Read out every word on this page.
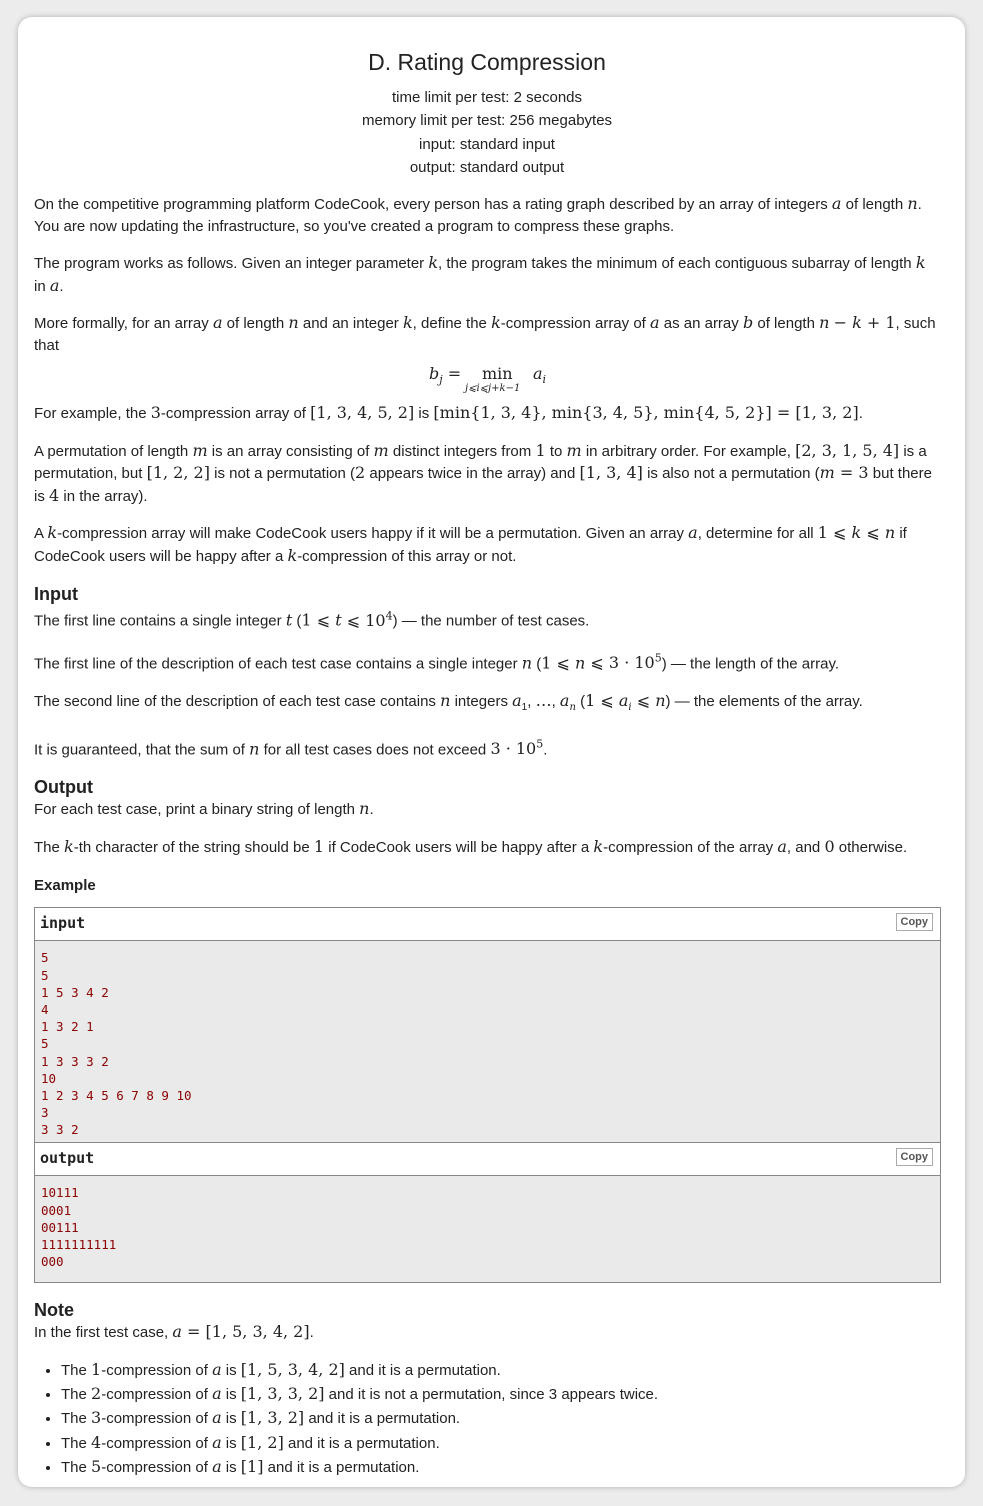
D. Rating Compression
time limit per test: 2 seconds
memory limit per test: 256 megabytes
input: standard input
output: standard output

On the competitive programming platform CodeCook, every person has a rating graph described by an array of integers a of length n. You are now updating the infrastructure, so you've created a program to compress these graphs.

The program works as follows. Given an integer parameter k, the program takes the minimum of each contiguous subarray of length k in a.

More formally, for an array a of length n and an integer k, define the k-compression array of a as an array b of length n − k + 1, such that

$b_j = \min$
j⩽i⩽j+k−1
$a_i$

For example, the 3-compression array of [1, 3, 4, 5, 2] is [min{1, 3, 4}, min{3, 4, 5}, min{4, 5, 2}] = [1, 3, 2].

A permutation of length m is an array consisting of m distinct integers from 1 to m in arbitrary order. For example, [2, 3, 1, 5, 4] is a permutation, but [1, 2, 2] is not a permutation (2 appears twice in the array) and [1, 3, 4] is also not a permutation (m = 3 but there is 4 in the array).

A k-compression array will make CodeCook users happy if it will be a permutation. Given an array a, determine for all 1 ⩽ k ⩽ n if CodeCook users will be happy after a k-compression of this array or not.

Input

The first line contains a single integer t (1 ⩽ t ⩽ $10^4$) — the number of test cases.

The first line of the description of each test case contains a single integer n (1 ⩽ n ⩽ $3 \cdot 10^5$) — the length of the array.

The second line of the description of each test case contains n integers $a_1$, …, $a_n$ (1 ⩽ $a_i$ ⩽ n) — the elements of the array.

It is guaranteed, that the sum of n for all test cases does not exceed $3 \cdot 10^5$.

Output

For each test case, print a binary string of length n.

The k-th character of the string should be 1 if CodeCook users will be happy after a k-compression of the array a, and 0 otherwise.

Example
input	Copy
5
5
1 5 3 4 2
4
1 3 2 1
5
1 3 3 3 2
10
1 2 3 4 5 6 7 8 9 10
3
3 3 2
output	Copy
10111
0001
00111
1111111111
000
Note

In the first test case, a = [1, 5, 3, 4, 2].

• The 1-compression of a is [1, 5, 3, 4, 2] and it is a permutation.
• The 2-compression of a is [1, 3, 3, 2] and it is not a permutation, since 3 appears twice.
• The 3-compression of a is [1, 3, 2] and it is a permutation.
• The 4-compression of a is [1, 2] and it is a permutation.
• The 5-compression of a is [1] and it is a permutation.
